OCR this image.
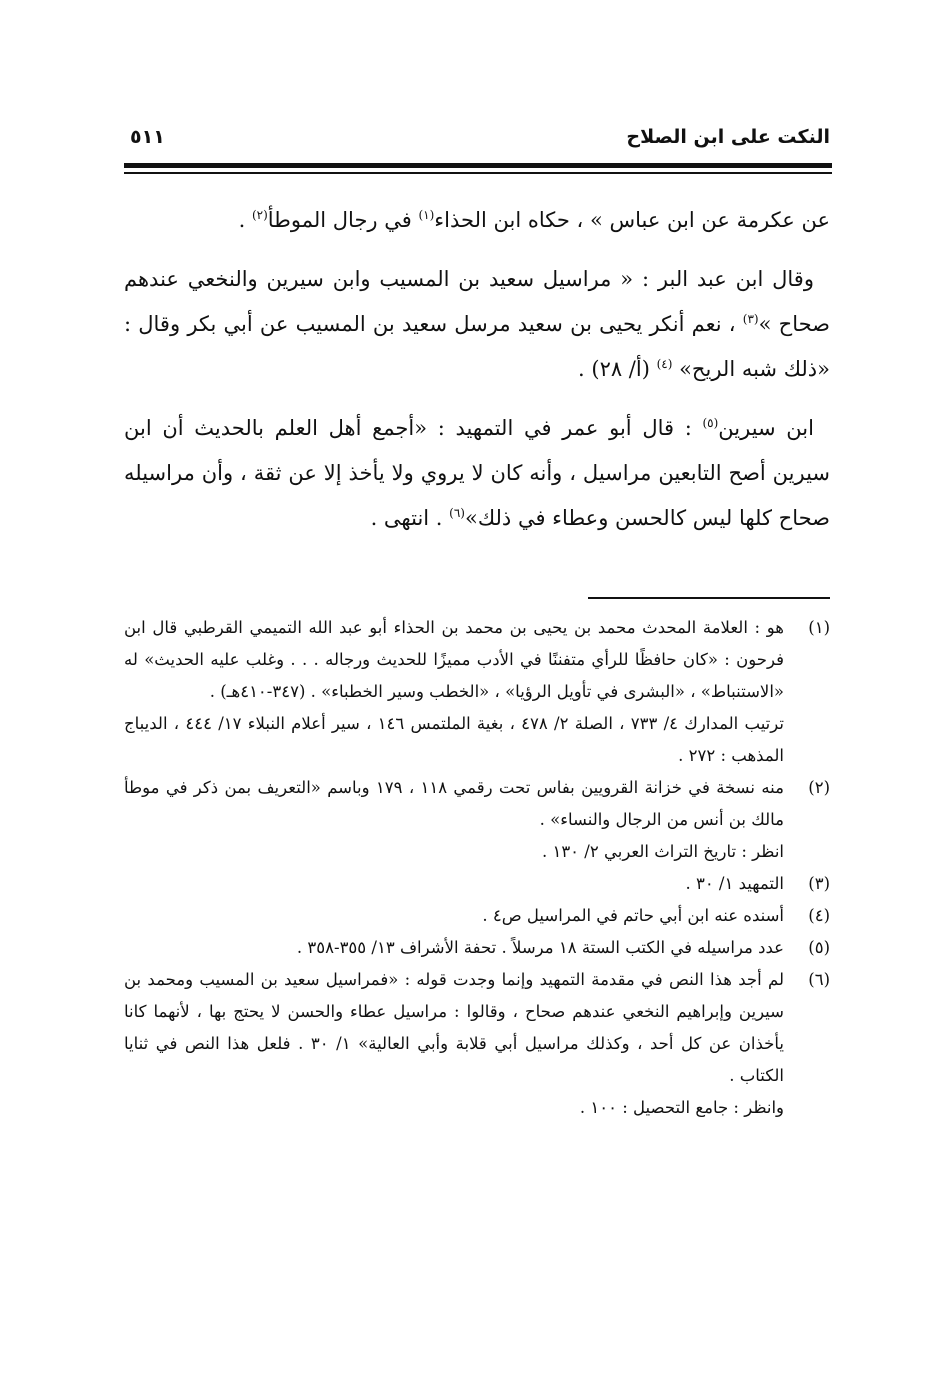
النكت على ابن الصلاح
٥١١

عن عكرمة عن ابن عباس » ، حكاه ابن الحذاء$^{(١)}$ في رجال الموطأ$^{(٢)}$ .

وقال ابن عبد البر : « مراسيل سعيد بن المسيب وابن سيرين والنخعي عندهم صحاح »$^{(٣)}$ ، نعم أنكر يحيى بن سعيد مرسل سعيد بن المسيب عن أبي بكر وقال : «ذلك شبه الريح» $^{(٤)}$ (أ/ ٢٨) .

ابن سيرين$^{(٥)}$ : قال أبو عمر في التمهيد : «أجمع أهل العلم بالحديث أن ابن سيرين أصح التابعين مراسيل ، وأنه كان لا يروي ولا يأخذ إلا عن ثقة ، وأن مراسيله صحاح كلها ليس كالحسن وعطاء في ذلك»$^{(٦)}$ . انتهى .

(١)

هو : العلامة المحدث محمد بن يحيى بن محمد بن الحذاء أبو عبد الله التميمي القرطبي قال ابن فرحون : «كان حافظًا للرأي متفننًا في الأدب مميزًا للحديث ورجاله . . . وغلب عليه الحديث» له «الاستنباط» ، «البشرى في تأويل الرؤيا» ، «الخطب وسير الخطباء» . (٣٤٧-٤١٠هـ) .

ترتيب المدارك ٤/ ٧٣٣ ، الصلة ٢/ ٤٧٨ ، بغية الملتمس ١٤٦ ، سير أعلام النبلاء ١٧/ ٤٤٤ ، الديباج المذهب : ٢٧٢ .

(٢)

منه نسخة في خزانة القرويين بفاس تحت رقمي ١١٨ ، ١٧٩ وباسم «التعريف بمن ذكر في موطأ مالك بن أنس من الرجال والنساء» .

انظر : تاريخ التراث العربي ٢/ ١٣٠ .

(٣)

التمهيد ١/ ٣٠ .

(٤)

أسنده عنه ابن أبي حاتم في المراسيل ص٤ .

(٥)

عدد مراسيله في الكتب الستة ١٨ مرسلاً . تحفة الأشراف ١٣/ ٣٥٥-٣٥٨ .

(٦)

لم أجد هذا النص في مقدمة التمهيد وإنما وجدت قوله : «فمراسيل سعيد بن المسيب ومحمد بن سيرين وإبراهيم النخعي عندهم صحاح ، وقالوا : مراسيل عطاء والحسن لا يحتج بها ، لأنهما كانا يأخذان عن كل أحد ، وكذلك مراسيل أبي قلابة وأبي العالية» ١/ ٣٠ . فلعل هذا النص في ثنايا الكتاب .

وانظر : جامع التحصيل : ١٠٠ .
